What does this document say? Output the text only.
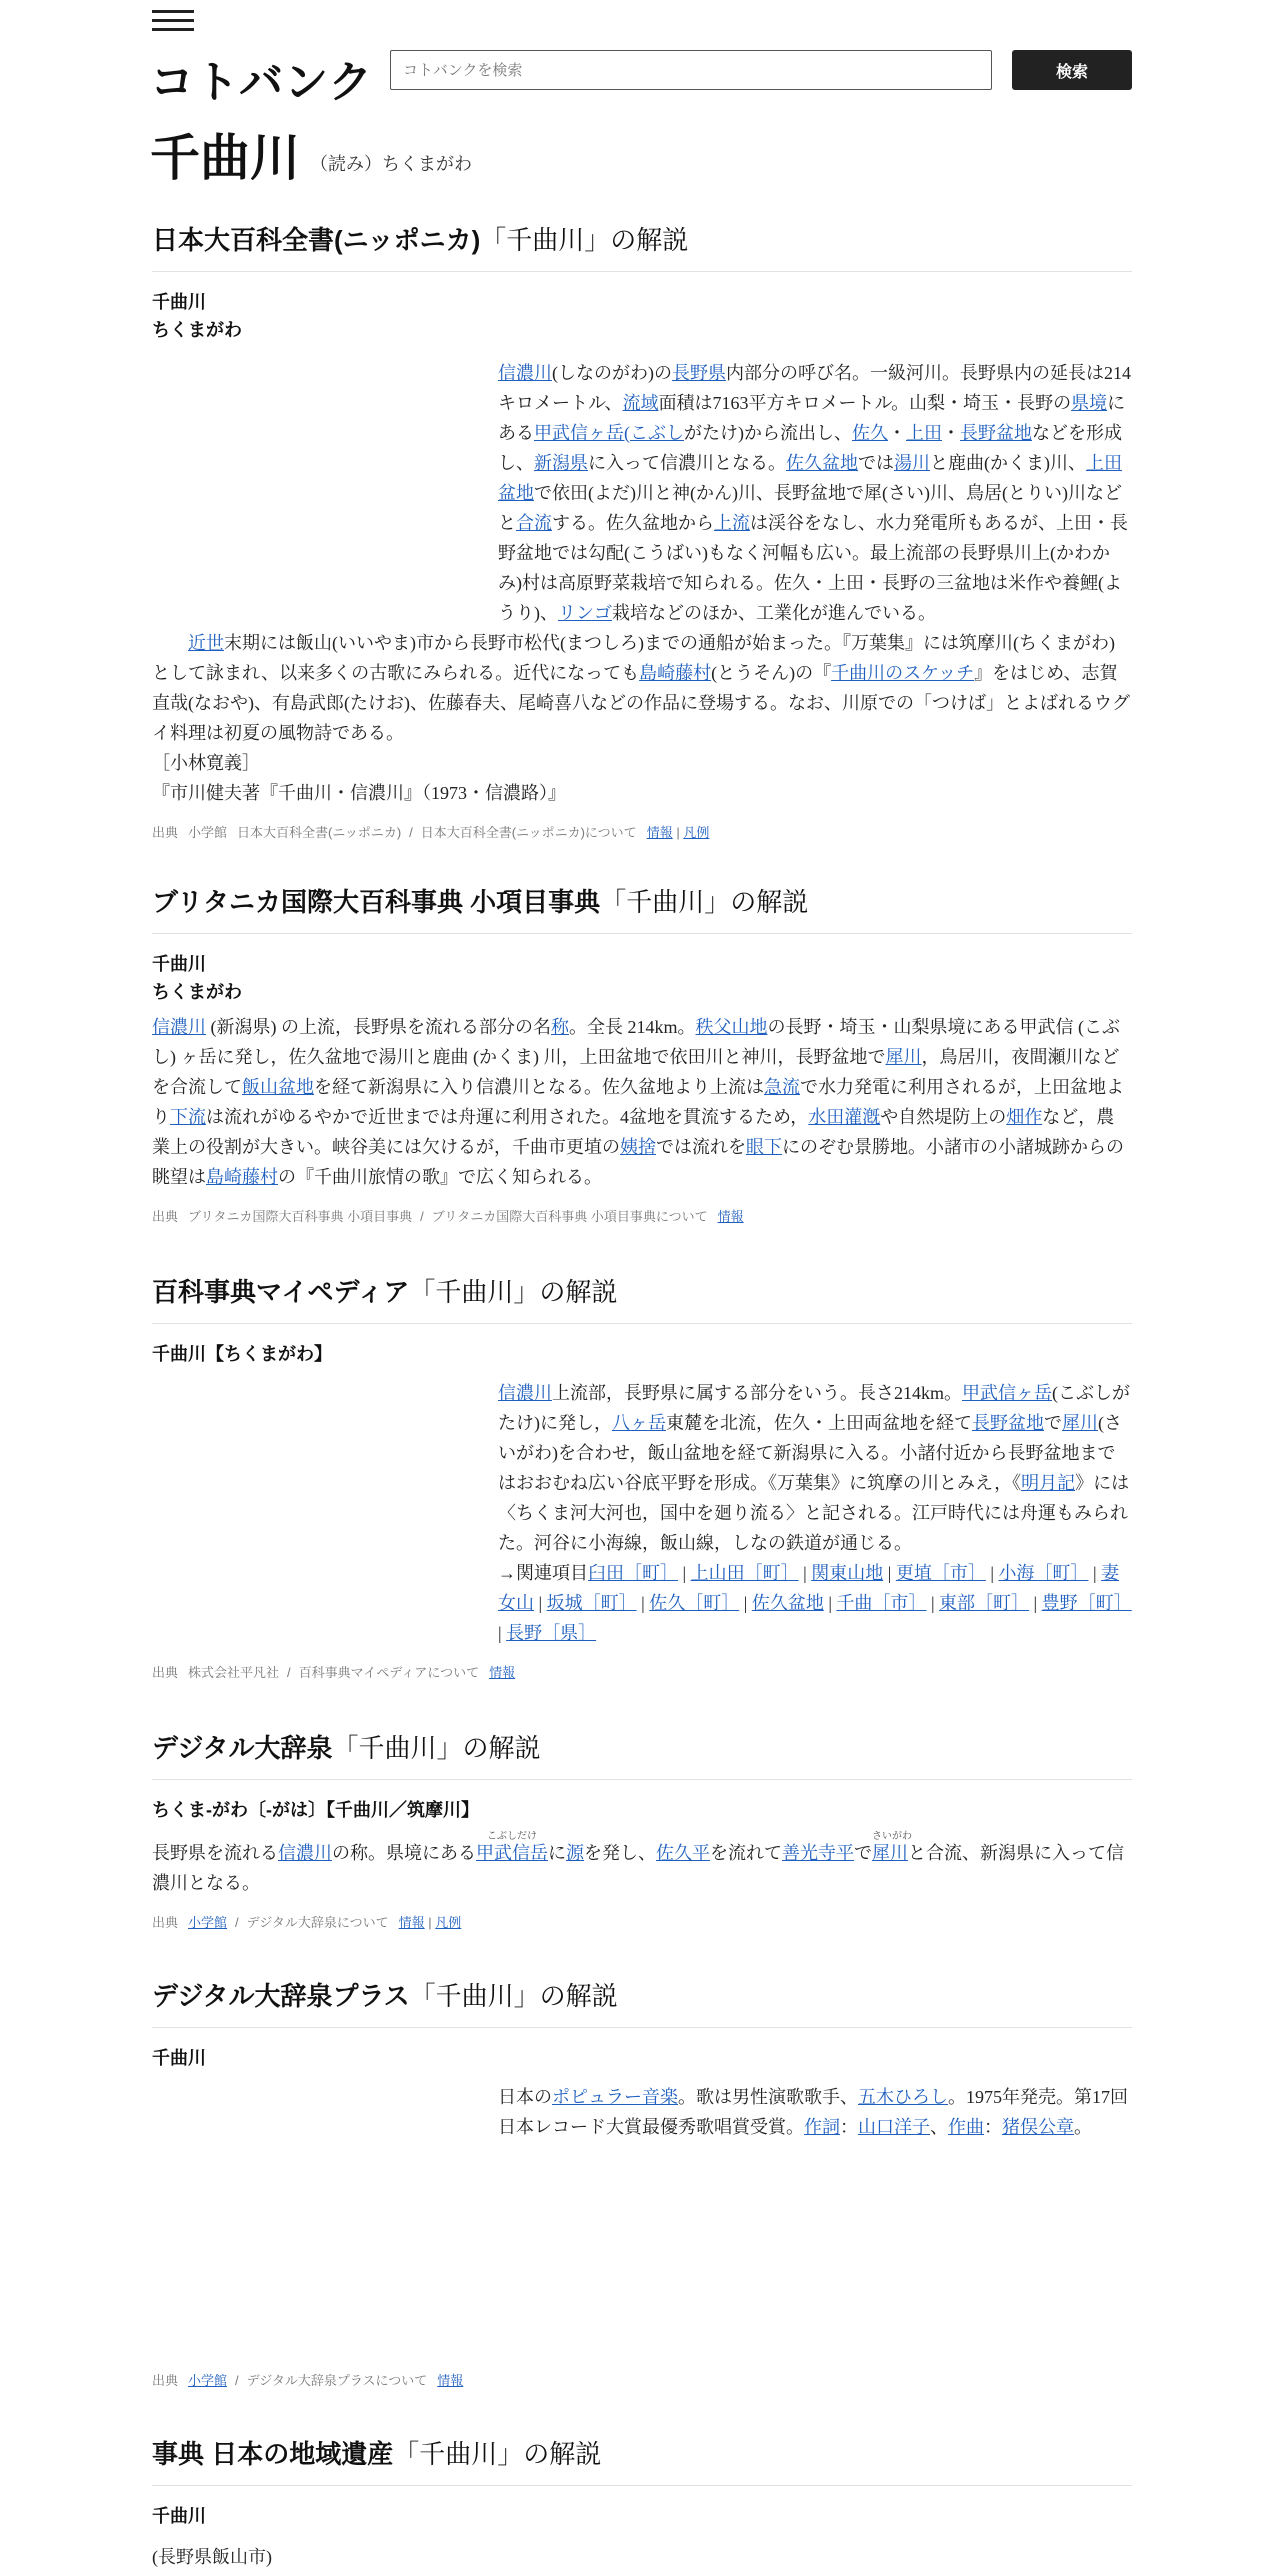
コトバンク
コトバンクを検索	検索
千曲川 （読み）ちくまがわ
日本大百科全書(ニッポニカ)「千曲川」の解説
千曲川
ちくまがわ
信濃川(しなのがわ)の長野県内部分の呼び名。一級河川。長野県内の延長は214キロメートル、流域面積は7163平方キロメートル。山梨・埼玉・長野の県境にある甲武信ヶ岳(こぶしがたけ)から流出し、佐久・上田・長野盆地などを形成し、新潟県に入って信濃川となる。佐久盆地では湯川と鹿曲(かくま)川、上田盆地で依田(よだ)川と神(かん)川、長野盆地で犀(さい)川、鳥居(とりい)川などと合流する。佐久盆地から上流は渓谷をなし、水力発電所もあるが、上田・長野盆地では勾配(こうばい)もなく河幅も広い。最上流部の長野県川上(かわかみ)村は高原野菜栽培で知られる。佐久・上田・長野の三盆地は米作や養鯉(ようり)、リンゴ栽培などのほか、工業化が進んでいる。
近世末期には飯山(いいやま)市から長野市松代(まつしろ)までの通船が始まった。『万葉集』には筑摩川(ちくまがわ)として詠まれ、以来多くの古歌にみられる。近代になっても島崎藤村(とうそん)の『千曲川のスケッチ』をはじめ、志賀直哉(なおや)、有島武郎(たけお)、佐藤春夫、尾崎喜八などの作品に登場する。なお、川原での「つけば」とよばれるウグイ料理は初夏の風物詩である。
［小林寛義］
『市川健夫著『千曲川・信濃川』（1973・信濃路）』
出典 小学館 日本大百科全書(ニッポニカ) / 日本大百科全書(ニッポニカ)について 情報 | 凡例
ブリタニカ国際大百科事典 小項目事典「千曲川」の解説
千曲川
ちくまがわ
信濃川 (新潟県) の上流，長野県を流れる部分の名称。全長 214km。秩父山地の長野・埼玉・山梨県境にある甲武信 (こぶし) ヶ岳に発し，佐久盆地で湯川と鹿曲 (かくま) 川，上田盆地で依田川と神川，長野盆地で犀川，鳥居川，夜間瀬川などを合流して飯山盆地を経て新潟県に入り信濃川となる。佐久盆地より上流は急流で水力発電に利用されるが，上田盆地より下流は流れがゆるやかで近世までは舟運に利用された。4盆地を貫流するため，水田灌漑や自然堤防上の畑作など，農業上の役割が大きい。峡谷美には欠けるが，千曲市更埴の姨捨では流れを眼下にのぞむ景勝地。小諸市の小諸城跡からの眺望は島崎藤村の『千曲川旅情の歌』で広く知られる。
出典 ブリタニカ国際大百科事典 小項目事典 / ブリタニカ国際大百科事典 小項目事典について 情報
百科事典マイペディア「千曲川」の解説
千曲川【ちくまがわ】
信濃川上流部，長野県に属する部分をいう。長さ214km。甲武信ヶ岳(こぶしがたけ)に発し，八ヶ岳東麓を北流，佐久・上田両盆地を経て長野盆地で犀川(さいがわ)を合わせ，飯山盆地を経て新潟県に入る。小諸付近から長野盆地まではおおむね広い谷底平野を形成。《万葉集》に筑摩の川とみえ，《明月記》には〈ちくま河大河也，国中を廻り流る〉と記される。江戸時代には舟運もみられた。河谷に小海線，飯山線，しなの鉄道が通じる。
→関連項目臼田［町］ | 上山田［町］ | 関東山地 | 更埴［市］ | 小海［町］ | 妻女山 | 坂城［町］ | 佐久［町］ | 佐久盆地 | 千曲［市］ | 東部［町］ | 豊野［町］ | 長野［県］
出典 株式会社平凡社 / 百科事典マイペディアについて 情報
デジタル大辞泉「千曲川」の解説
ちくま‐がわ〔‐がは〕【千曲川／筑摩川】
長野県を流れる信濃川の称。県境にある
こぶしだけ
甲武信岳に源を発し、佐久平を流れて善光寺平で
さいがわ
犀川と合流、新潟県に入って信濃川となる。
出典 小学館 / デジタル大辞泉について 情報 | 凡例
デジタル大辞泉プラス「千曲川」の解説
千曲川
日本のポピュラー音楽。歌は男性演歌歌手、五木ひろし。1975年発売。第17回日本レコード大賞最優秀歌唱賞受賞。作詞：山口洋子、作曲：猪俣公章。
出典 小学館 / デジタル大辞泉プラスについて 情報
事典 日本の地域遺産「千曲川」の解説
千曲川
(長野県飯山市)
